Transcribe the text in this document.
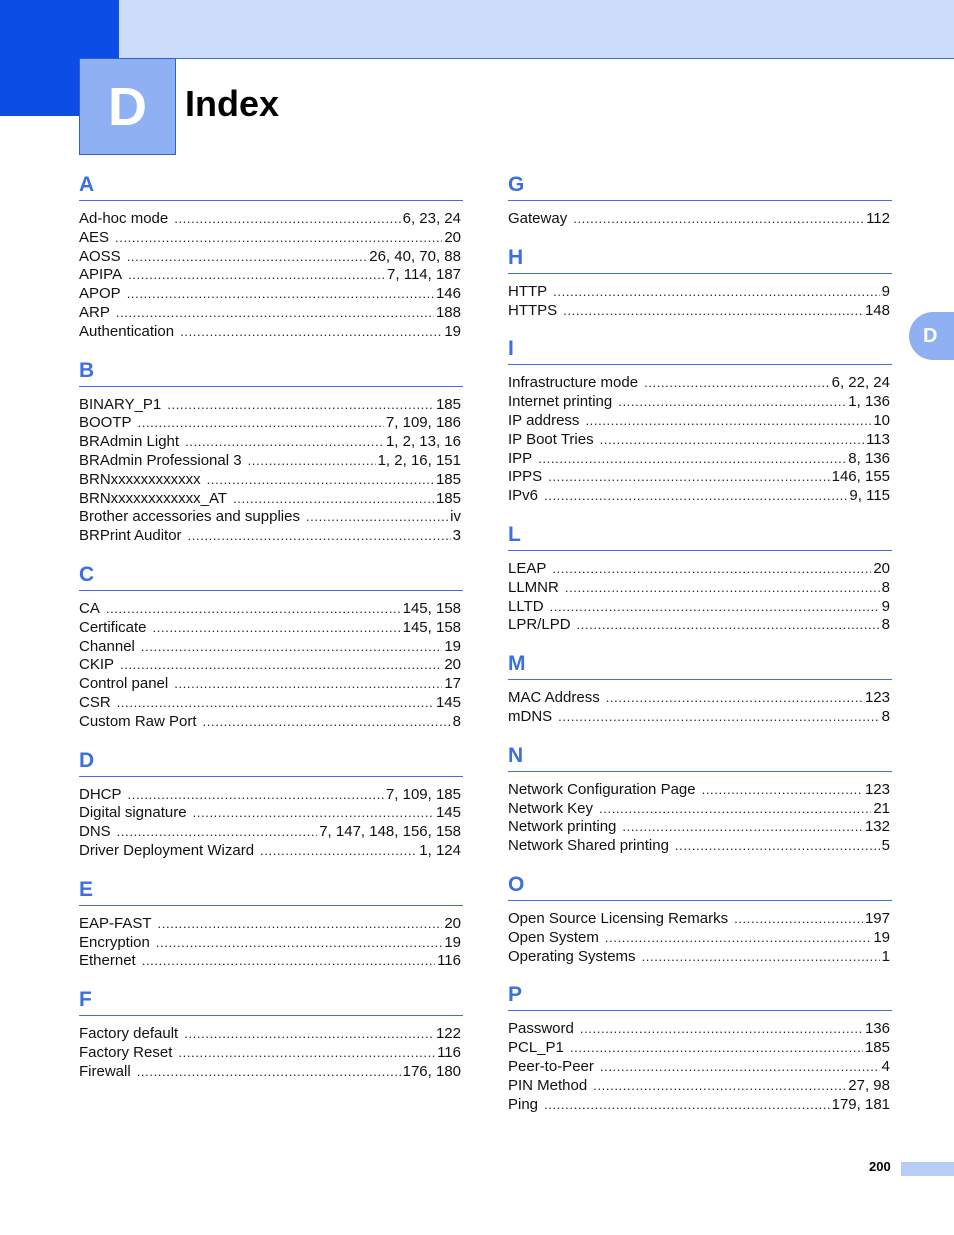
D Index
D
A
Ad-hoc mode . . .	6, 23, 24
AES . . .	20
AOSS . . .	26, 40, 70, 88
APIPA . . .	7, 114, 187
APOP . . .	146
ARP . . .	188
Authentication . . .	19
B
BINARY_P1 . . .	185
BOOTP . . .	7, 109, 186
BRAdmin Light . . .	1, 2, 13, 16
BRAdmin Professional 3 . . .	1, 2, 16, 151
BRNxxxxxxxxxxxx . . .	185
BRNxxxxxxxxxxxx_AT . . .	185
Brother accessories and supplies . . .	iv
BRPrint Auditor . . .	3
C
CA . . .	145, 158
Certificate . . .	145, 158
Channel . . .	19
CKIP . . .	20
Control panel . . .	17
CSR . . .	145
Custom Raw Port . . .	8
D
DHCP . . .	7, 109, 185
Digital signature . . .	145
DNS . . .	7, 147, 148, 156, 158
Driver Deployment Wizard . . .	1, 124
E
EAP-FAST . . .	20
Encryption . . .	19
Ethernet . . .	116
F
Factory default . . .	122
Factory Reset . . .	116
Firewall . . .	176, 180
G
Gateway . . .	112
H
HTTP . . .	9
HTTPS . . .	148
I
Infrastructure mode . . .	6, 22, 24
Internet printing . . .	1, 136
IP address . . .	10
IP Boot Tries . . .	113
IPP . . .	8, 136
IPPS . . .	146, 155
IPv6 . . .	9, 115
L
LEAP . . .	20
LLMNR . . .	8
LLTD . . .	9
LPR/LPD . . .	8
M
MAC Address . . .	123
mDNS . . .	8
N
Network Configuration Page . . .	123
Network Key . . .	21
Network printing . . .	132
Network Shared printing . . .	5
O
Open Source Licensing Remarks . . .	197
Open System . . .	19
Operating Systems . . .	1
P
Password . . .	136
PCL_P1 . . .	185
Peer-to-Peer . . .	4
PIN Method . . .	27, 98
Ping . . .	179, 181
200
